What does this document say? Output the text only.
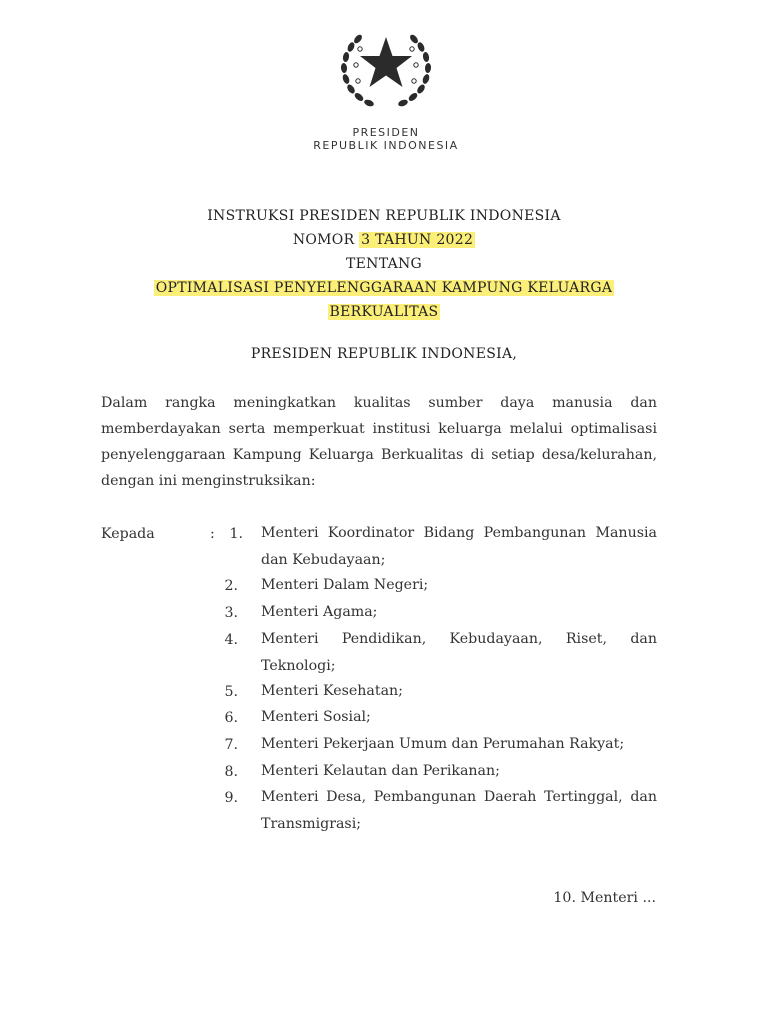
PRESIDEN
REPUBLIK INDONESIA
INSTRUKSI PRESIDEN REPUBLIK INDONESIA
NOMOR 3 TAHUN 2022
TENTANG
OPTIMALISASI PENYELENGGARAAN KAMPUNG KELUARGA
BERKUALITAS
PRESIDEN REPUBLIK INDONESIA,
Dalam rangka meningkatkan kualitas sumber daya manusia dan
memberdayakan serta memperkuat institusi keluarga melalui optimalisasi
penyelenggaraan Kampung Keluarga Berkualitas di setiap desa/kelurahan,
dengan ini menginstruksikan:
Kepada	:	1. Menteri Koordinator Bidang Pembangunan Manusia
dan Kebudayaan;
2. Menteri Dalam Negeri;
3. Menteri Agama;
4. Menteri Pendidikan, Kebudayaan, Riset, dan
Teknologi;
5. Menteri Kesehatan;
6. Menteri Sosial;
7. Menteri Pekerjaan Umum dan Perumahan Rakyat;
8. Menteri Kelautan dan Perikanan;
9. Menteri Desa, Pembangunan Daerah Tertinggal, dan
Transmigrasi;
10. Menteri ...
